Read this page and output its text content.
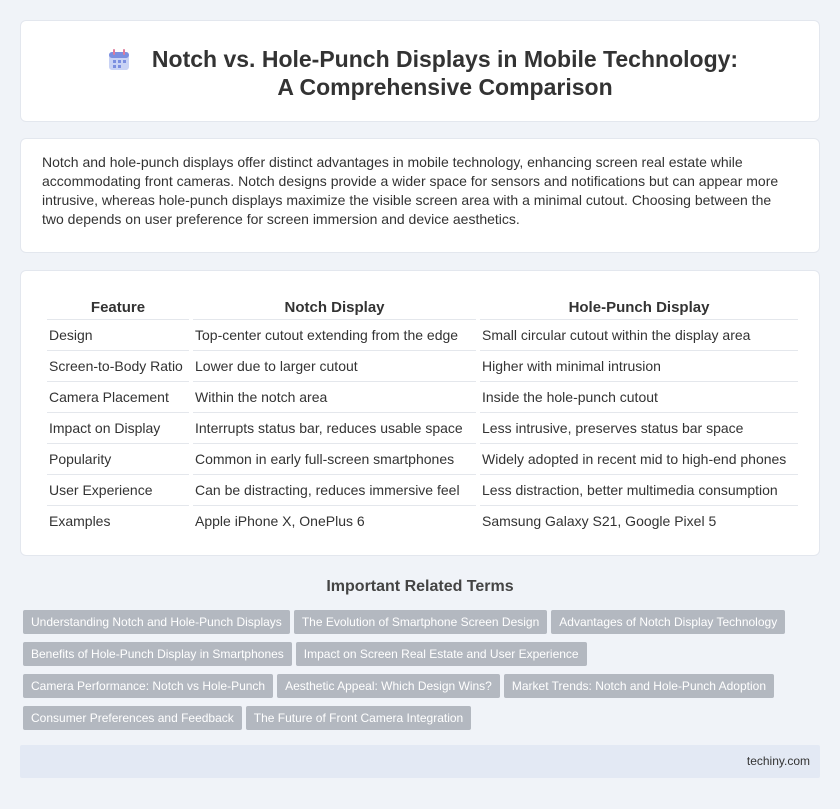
Notch vs. Hole-Punch Displays in Mobile Technology: A Comprehensive Comparison

Notch and hole-punch displays offer distinct advantages in mobile technology, enhancing screen real estate while accommodating front cameras. Notch designs provide a wider space for sensors and notifications but can appear more intrusive, whereas hole-punch displays maximize the visible screen area with a minimal cutout. Choosing between the two depends on user preference for screen immersion and device aesthetics.

Feature	Notch Display	Hole-Punch Display
Design	Top-center cutout extending from the edge	Small circular cutout within the display area
Screen-to-Body Ratio	Lower due to larger cutout	Higher with minimal intrusion
Camera Placement	Within the notch area	Inside the hole-punch cutout
Impact on Display	Interrupts status bar, reduces usable space	Less intrusive, preserves status bar space
Popularity	Common in early full-screen smartphones	Widely adopted in recent mid to high-end phones
User Experience	Can be distracting, reduces immersive feel	Less distraction, better multimedia consumption
Examples	Apple iPhone X, OnePlus 6	Samsung Galaxy S21, Google Pixel 5
Important Related Terms
Understanding Notch and Hole-Punch Displays The Evolution of Smartphone Screen Design Advantages of Notch Display Technology
Benefits of Hole-Punch Display in Smartphones Impact on Screen Real Estate and User Experience
Camera Performance: Notch vs Hole-Punch Aesthetic Appeal: Which Design Wins? Market Trends: Notch and Hole-Punch Adoption
Consumer Preferences and Feedback The Future of Front Camera Integration
techiny.com
